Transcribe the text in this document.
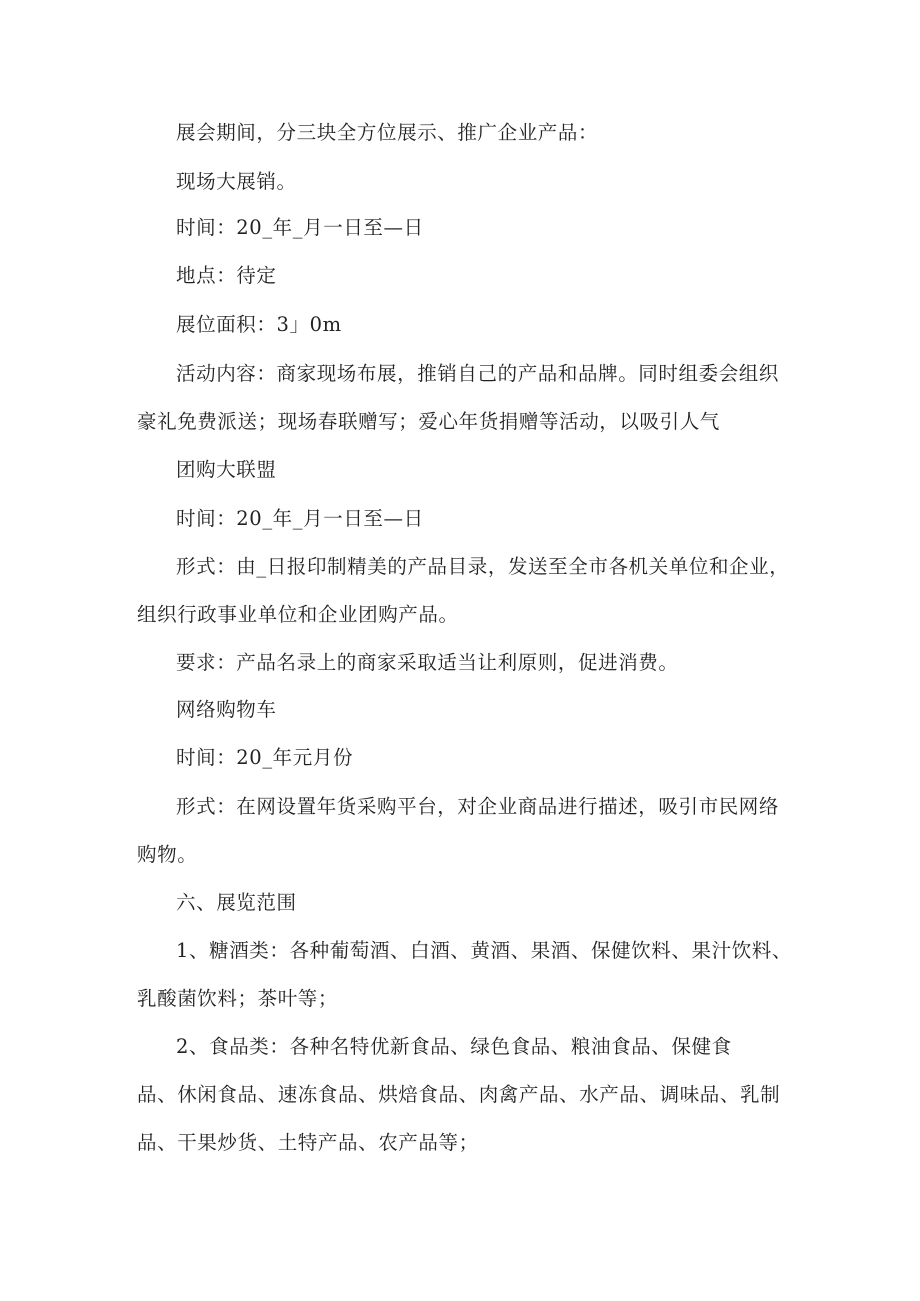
展会期间，分三块全方位展示、推广企业产品：
现场大展销。
时间：20_年_月一日至—日
地点：待定
展位面积：3」0m
活动内容：商家现场布展，推销自己的产品和品牌。同时组委会组织
豪礼免费派送；现场春联赠写；爱心年货捐赠等活动，以吸引人气
团购大联盟
时间：20_年_月一日至—日
形式：由_日报印制精美的产品目录，发送至全市各机关单位和企业，
组织行政事业单位和企业团购产品。
要求：产品名录上的商家采取适当让利原则，促进消费。
网络购物车
时间：20_年元月份
形式：在网设置年货采购平台，对企业商品进行描述，吸引市民网络
购物。
六、展览范围
1、糖酒类：各种葡萄酒、白酒、黄酒、果酒、保健饮料、果汁饮料、
乳酸菌饮料；茶叶等；
2、食品类：各种名特优新食品、绿色食品、粮油食品、保健食
品、休闲食品、速冻食品、烘焙食品、肉禽产品、水产品、调味品、乳制
品、干果炒货、土特产品、农产品等；
